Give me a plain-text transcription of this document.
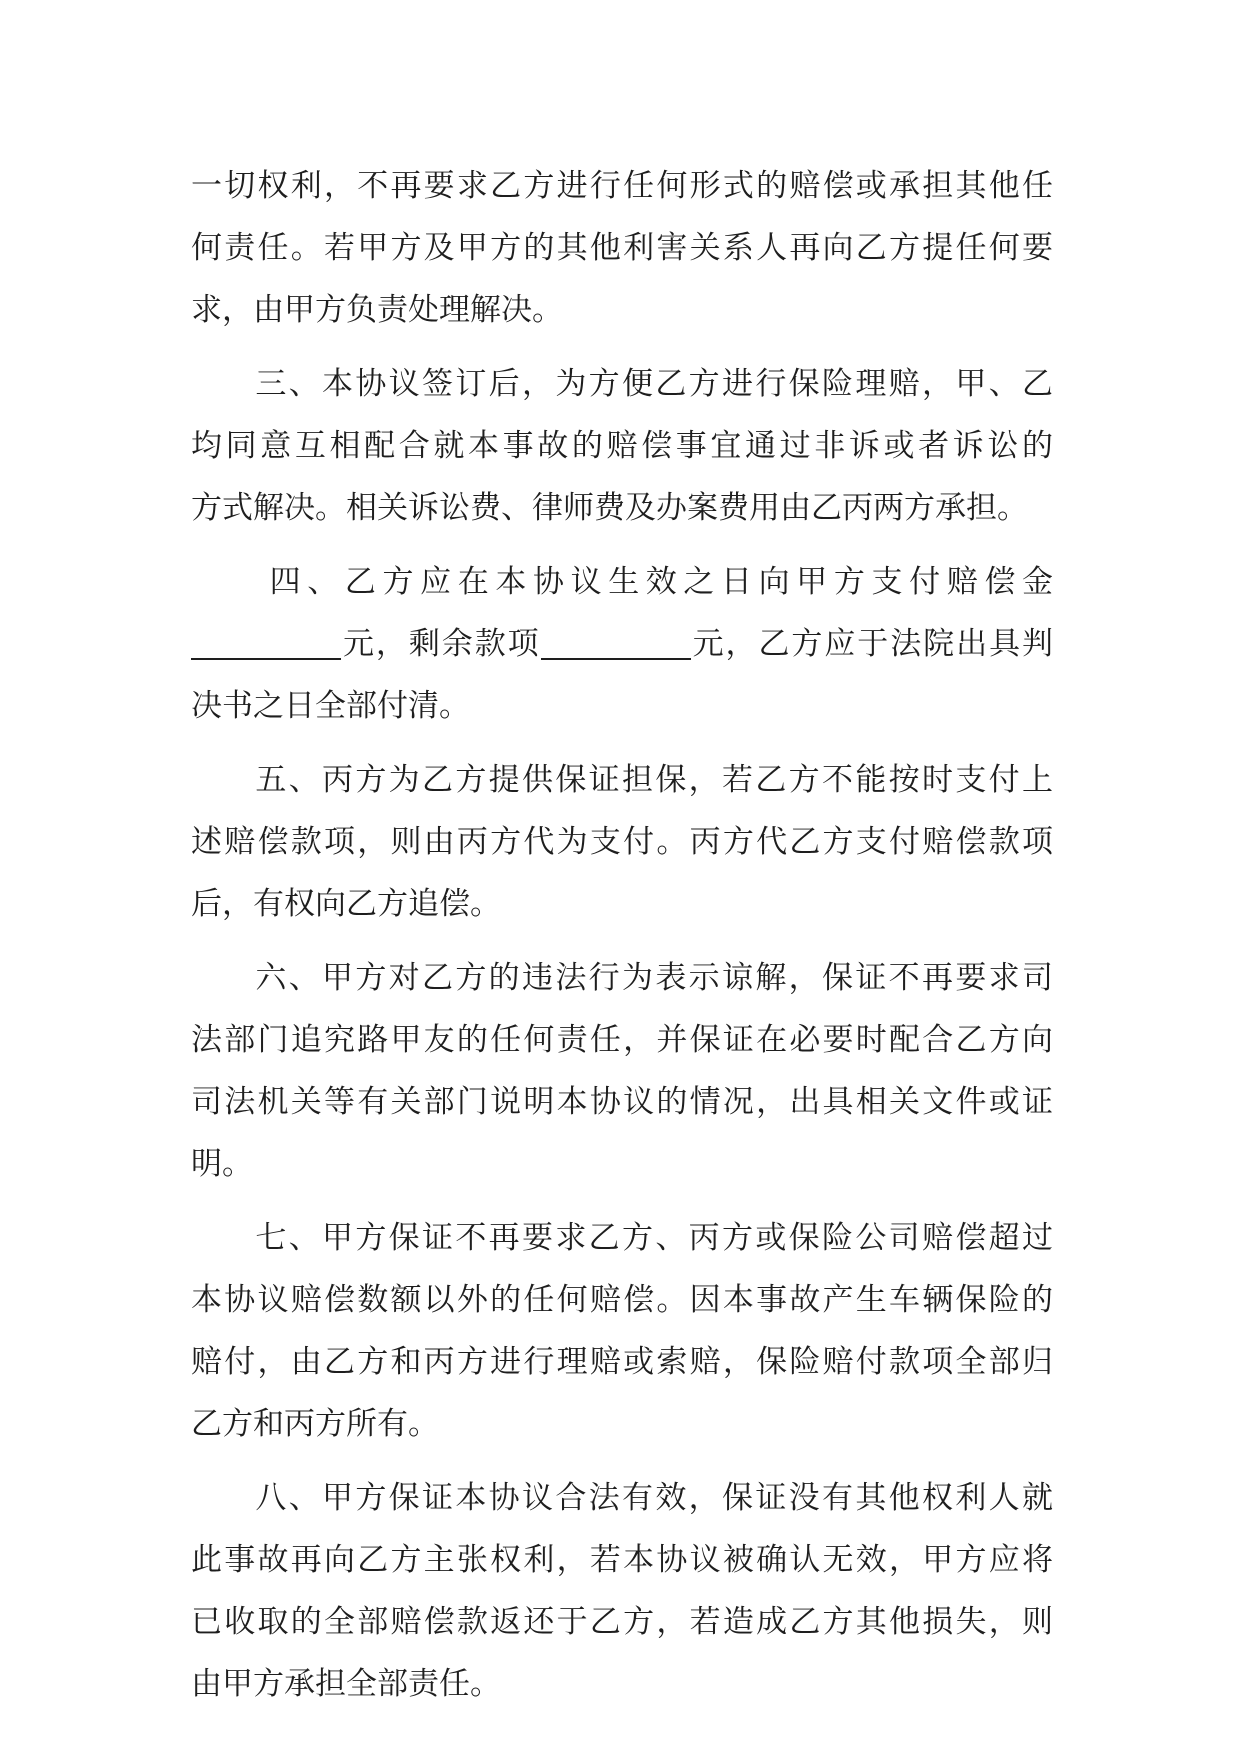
一切权利，不再要求乙方进行任何形式的赔偿或承担其他任
何责任。若甲方及甲方的其他利害关系人再向乙方提任何要
求，由甲方负责处理解决。
三、本协议签订后，为方便乙方进行保险理赔，甲、乙
均同意互相配合就本事故的赔偿事宜通过非诉或者诉讼的
方式解决。相关诉讼费、律师费及办案费用由乙丙两方承担。
四、乙方应在本协议生效之日向甲方支付赔偿金
元，剩余款项	元，乙方应于法院出具判
决书之日全部付清。
五、丙方为乙方提供保证担保，若乙方不能按时支付上
述赔偿款项，则由丙方代为支付。丙方代乙方支付赔偿款项
后，有权向乙方追偿。
六、甲方对乙方的违法行为表示谅解，保证不再要求司
法部门追究路甲友的任何责任，并保证在必要时配合乙方向
司法机关等有关部门说明本协议的情况，出具相关文件或证
明。
七、甲方保证不再要求乙方、丙方或保险公司赔偿超过
本协议赔偿数额以外的任何赔偿。因本事故产生车辆保险的
赔付，由乙方和丙方进行理赔或索赔，保险赔付款项全部归
乙方和丙方所有。
八、甲方保证本协议合法有效，保证没有其他权利人就
此事故再向乙方主张权利，若本协议被确认无效，甲方应将
已收取的全部赔偿款返还于乙方，若造成乙方其他损失，则
由甲方承担全部责任。
